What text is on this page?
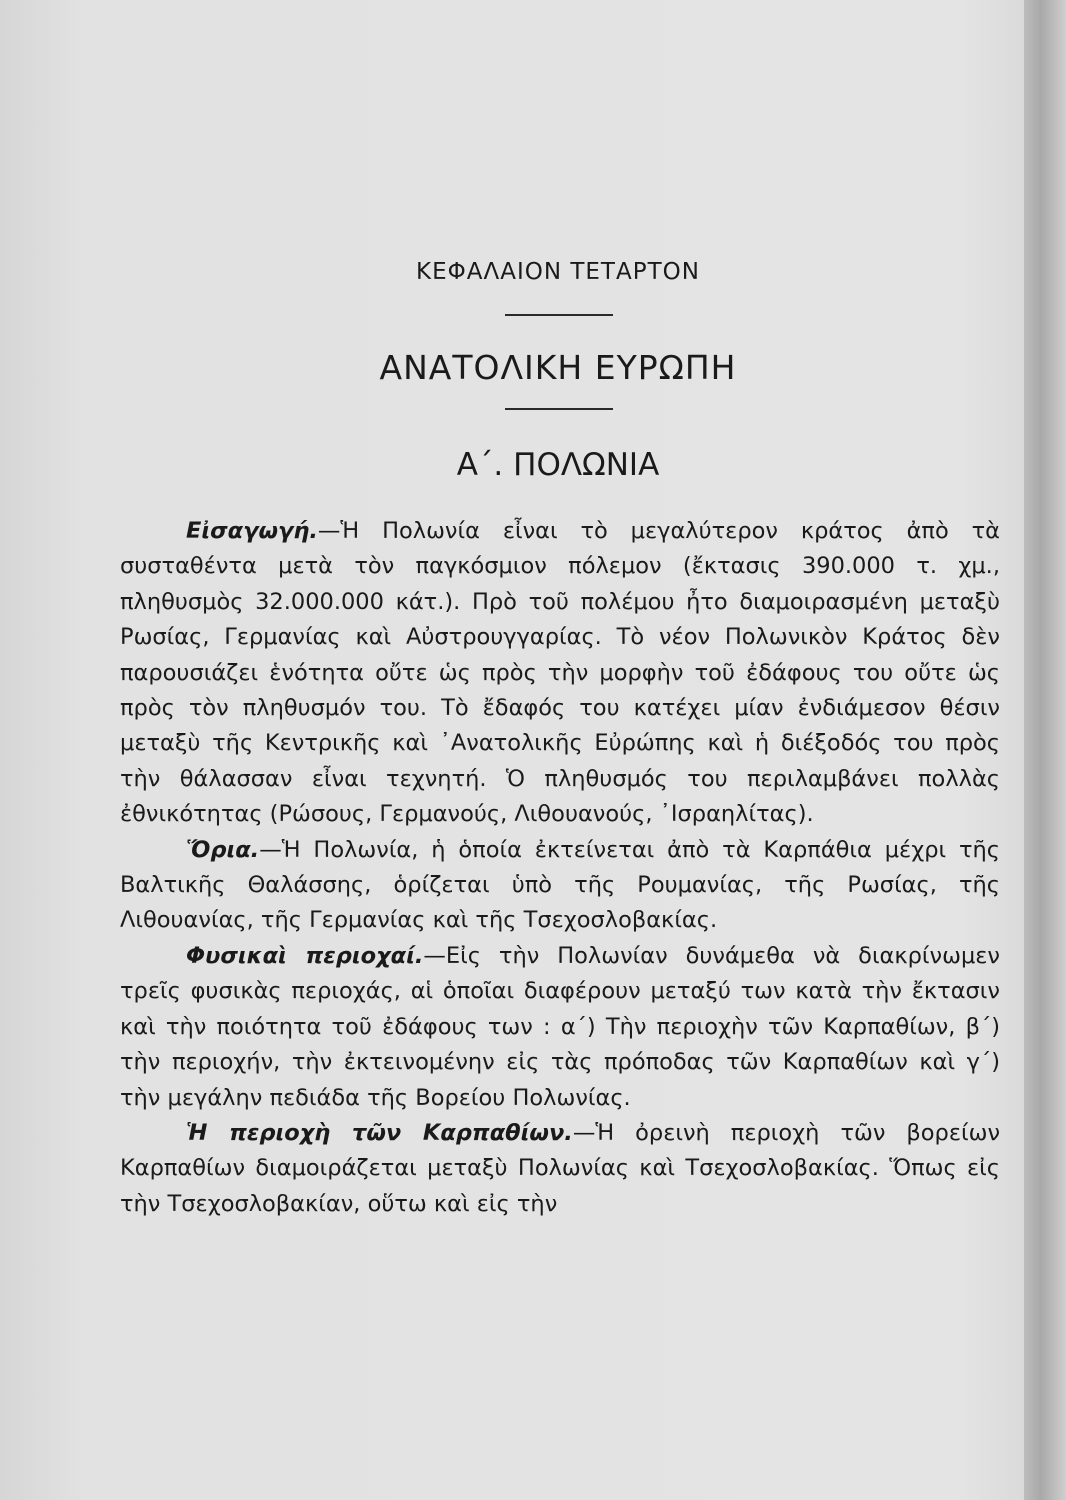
ΚΕΦΑΛΑΙΟΝ ΤΕΤΑΡΤΟΝ
ΑΝΑΤΟΛΙΚΗ ΕΥΡΩΠΗ
Α΄. ΠΟΛΩΝΙΑ

Εἰσαγωγή.—Ἡ Πολωνία εἶναι τὸ μεγαλύτερον κράτος ἀπὸ τὰ συσταθέντα μετὰ τὸν παγκόσμιον πόλεμον (ἔκτασις 390.000 τ. χμ., πληθυσμὸς 32.000.000 κάτ.). Πρὸ τοῦ πολέμου ἦτο διαμοιρασμένη μεταξὺ Ρωσίας, Γερμανίας καὶ Αὐστρουγγαρίας. Τὸ νέον Πολωνικὸν Κράτος δὲν παρουσιάζει ἑνότητα οὔτε ὡς πρὸς τὴν μορφὴν τοῦ ἐδάφους του οὔτε ὡς πρὸς τὸν πληθυσμόν του. Τὸ ἔδαφός του κατέχει μίαν ἐνδιάμεσον θέσιν μεταξὺ τῆς Κεντρικῆς καὶ ᾿Ανατολικῆς Εὐρώπης καὶ ἡ διέξοδός του πρὸς τὴν θάλασσαν εἶναι τεχνητή. Ὁ πληθυσμός του περιλαμβάνει πολλὰς ἐθνικότητας (Ρώσους, Γερμανούς, Λιθουανούς, ᾿Ισραηλίτας).

Ὅρια.—Ἡ Πολωνία, ἡ ὁποία ἐκτείνεται ἀπὸ τὰ Καρπάθια μέχρι τῆς Βαλτικῆς Θαλάσσης, ὁρίζεται ὑπὸ τῆς Ρουμανίας, τῆς Ρωσίας, τῆς Λιθουανίας, τῆς Γερμανίας καὶ τῆς Τσεχοσλοβακίας.

Φυσικαὶ περιοχαί.—Εἰς τὴν Πολωνίαν δυνάμεθα νὰ διακρίνωμεν τρεῖς φυσικὰς περιοχάς, αἱ ὁποῖαι διαφέρουν μεταξύ των κατὰ τὴν ἔκτασιν καὶ τὴν ποιότητα τοῦ ἐδάφους των : α΄) Τὴν περιοχὴν τῶν Καρπαθίων, β΄) τὴν περιοχήν, τὴν ἐκτεινομένην εἰς τὰς πρόποδας τῶν Καρπαθίων καὶ γ΄) τὴν μεγάλην πεδιάδα τῆς Βορείου Πολωνίας.

Ἡ περιοχὴ τῶν Καρπαθίων.—Ἡ ὀρεινὴ περιοχὴ τῶν βορείων Καρπαθίων διαμοιράζεται μεταξὺ Πολωνίας καὶ Τσεχοσλοβακίας. Ὅπως εἰς τὴν Τσεχοσλοβακίαν, οὕτω καὶ εἰς τὴν
